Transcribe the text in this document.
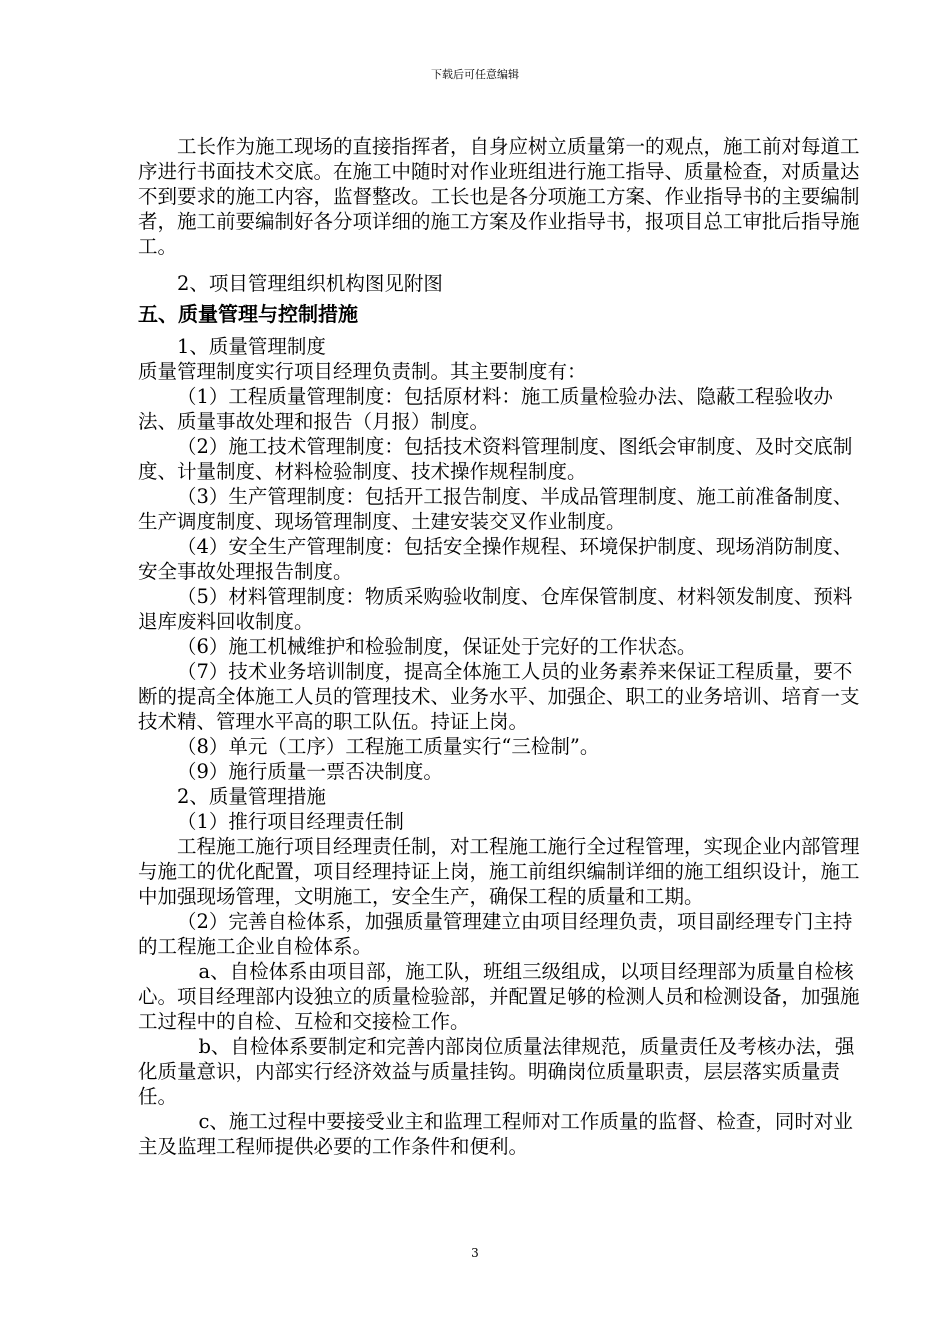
下载后可任意编辑

工长作为施工现场的直接指挥者，自身应树立质量第一的观点，施工前对每道工序进行书面技术交底。在施工中随时对作业班组进行施工指导、质量检查，对质量达不到要求的施工内容，监督整改。工长也是各分项施工方案、作业指导书的主要编制者，施工前要编制好各分项详细的施工方案及作业指导书，报项目总工审批后指导施工。

2、项目管理组织机构图见附图

五、质量管理与控制措施

1、质量管理制度

质量管理制度实行项目经理负责制。其主要制度有：

（1）工程质量管理制度：包括原材料：施工质量检验办法、隐蔽工程验收办法、质量事故处理和报告（月报）制度。

（2）施工技术管理制度：包括技术资料管理制度、图纸会审制度、及时交底制度、计量制度、材料检验制度、技术操作规程制度。

（3）生产管理制度：包括开工报告制度、半成品管理制度、施工前准备制度、生产调度制度、现场管理制度、土建安装交叉作业制度。

（4）安全生产管理制度：包括安全操作规程、环境保护制度、现场消防制度、安全事故处理报告制度。

（5）材料管理制度：物质采购验收制度、仓库保管制度、材料领发制度、预料退库废料回收制度。

（6）施工机械维护和检验制度，保证处于完好的工作状态。

（7）技术业务培训制度，提高全体施工人员的业务素养来保证工程质量，要不断的提高全体施工人员的管理技术、业务水平、加强企、职工的业务培训、培育一支技术精、管理水平高的职工队伍。持证上岗。

（8）单元（工序）工程施工质量实行“三检制”。

（9）施行质量一票否决制度。

2、质量管理措施

（1）推行项目经理责任制

工程施工施行项目经理责任制，对工程施工施行全过程管理，实现企业内部管理与施工的优化配置，项目经理持证上岗，施工前组织编制详细的施工组织设计，施工中加强现场管理，文明施工，安全生产，确保工程的质量和工期。

（2）完善自检体系，加强质量管理建立由项目经理负责，项目副经理专门主持的工程施工企业自检体系。

a、自检体系由项目部，施工队，班组三级组成，以项目经理部为质量自检核心。项目经理部内设独立的质量检验部，并配置足够的检测人员和检测设备，加强施工过程中的自检、互检和交接检工作。

b、自检体系要制定和完善内部岗位质量法律规范，质量责任及考核办法，强化质量意识，内部实行经济效益与质量挂钩。明确岗位质量职责，层层落实质量责任。

c、施工过程中要接受业主和监理工程师对工作质量的监督、检查，同时对业主及监理工程师提供必要的工作条件和便利。

3
